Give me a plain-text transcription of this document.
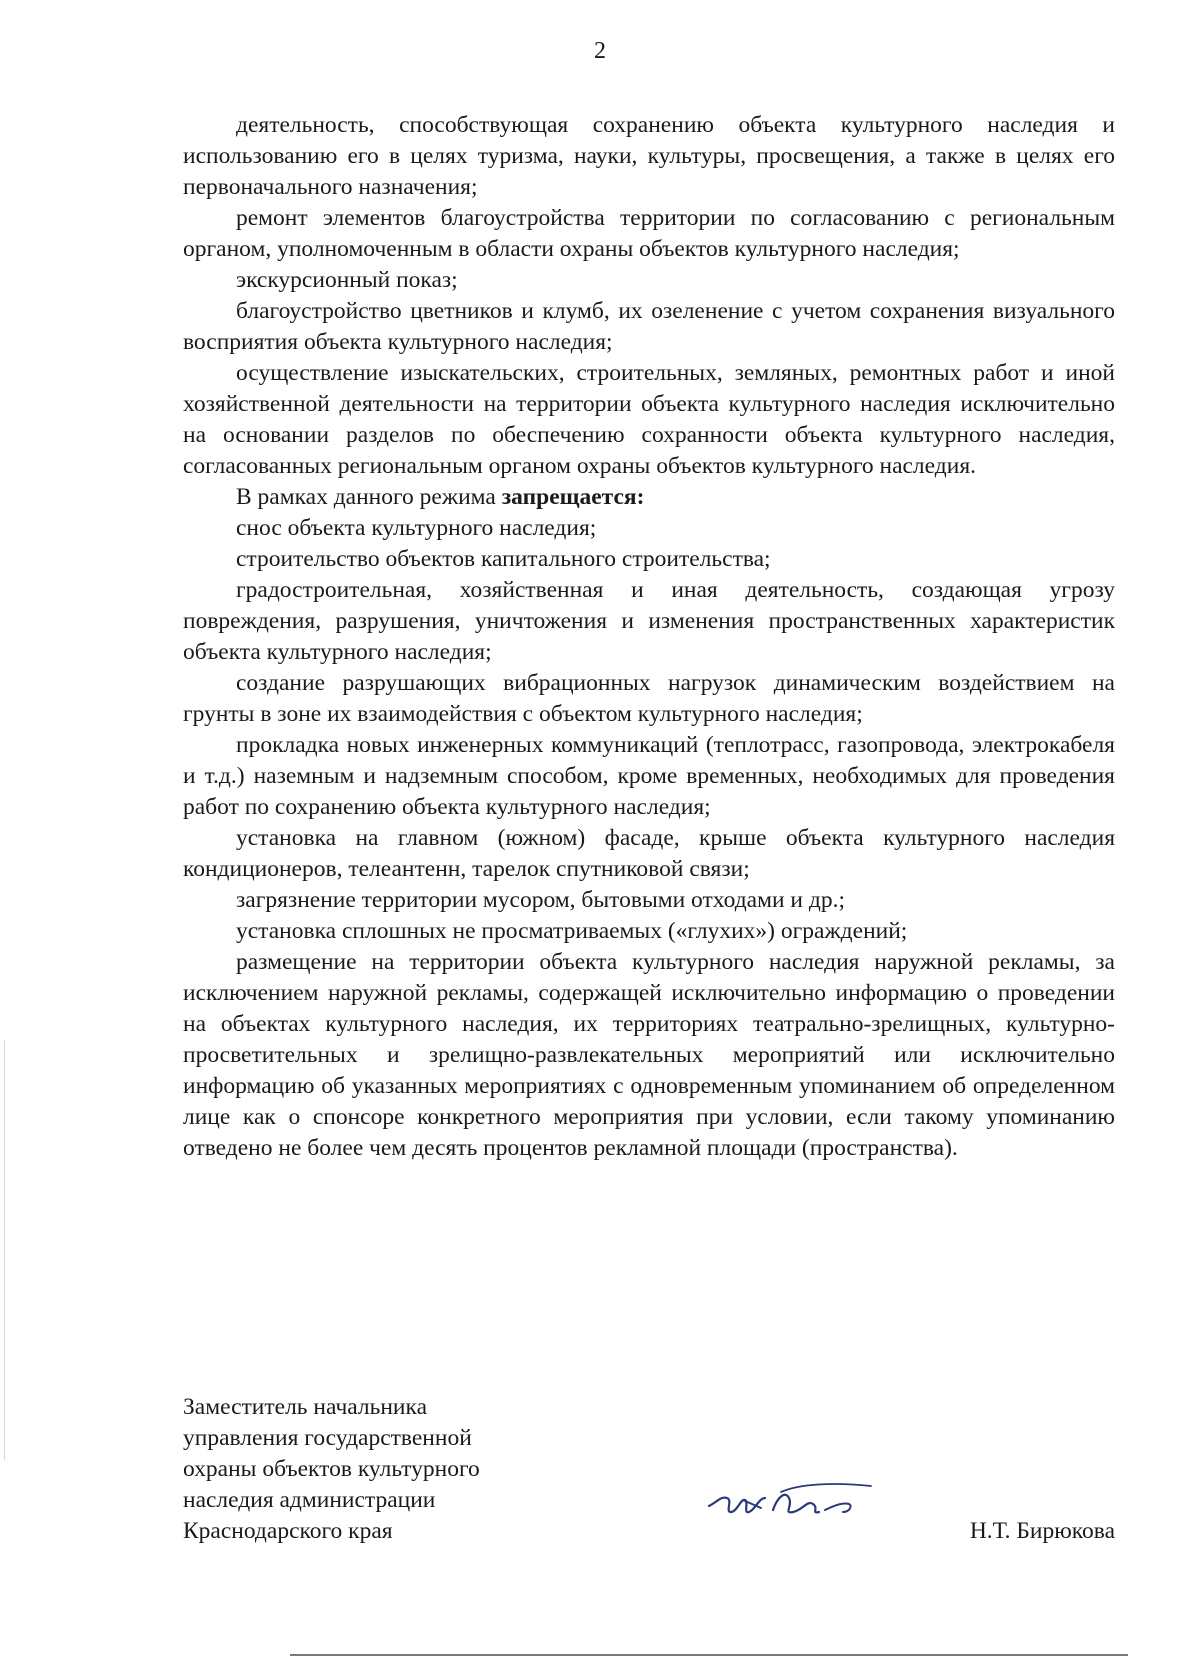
2

деятельность, способствующая сохранению объекта культурного наследия и использованию его в целях туризма, науки, культуры, просвещения, а также в целях его первоначального назначения;

ремонт элементов благоустройства территории по согласованию с региональным органом, уполномоченным в области охраны объектов культурного наследия;

экскурсионный показ;

благоустройство цветников и клумб, их озеленение с учетом сохранения визуального восприятия объекта культурного наследия;

осуществление изыскательских, строительных, земляных, ремонтных работ и иной хозяйственной деятельности на территории объекта культурного наследия исключительно на основании разделов по обеспечению сохранности объекта культурного наследия, согласованных региональным органом охраны объектов культурного наследия.

В рамках данного режима запрещается:

снос объекта культурного наследия;

строительство объектов капитального строительства;

градостроительная, хозяйственная и иная деятельность, создающая угрозу повреждения, разрушения, уничтожения и изменения пространственных характеристик объекта культурного наследия;

создание разрушающих вибрационных нагрузок динамическим воздействием на грунты в зоне их взаимодействия с объектом культурного наследия;

прокладка новых инженерных коммуникаций (теплотрасс, газопровода, электрокабеля и т.д.) наземным и надземным способом, кроме временных, необходимых для проведения работ по сохранению объекта культурного наследия;

установка на главном (южном) фасаде, крыше объекта культурного наследия кондиционеров, телеантенн, тарелок спутниковой связи;

загрязнение территории мусором, бытовыми отходами и др.;

установка сплошных не просматриваемых («глухих») ограждений;

размещение на территории объекта культурного наследия наружной рекламы, за исключением наружной рекламы, содержащей исключительно информацию о проведении на объектах культурного наследия, их территориях театрально-зрелищных, культурно-просветительных и зрелищно-развлекательных мероприятий или исключительно информацию об указанных мероприятиях с одновременным упоминанием об определенном лице как о спонсоре конкретного мероприятия при условии, если такому упоминанию отведено не более чем десять процентов рекламной площади (пространства).

Заместитель начальника
управления государственной
охраны объектов культурного
наследия администрации
Краснодарского края	Н.Т. Бирюкова
